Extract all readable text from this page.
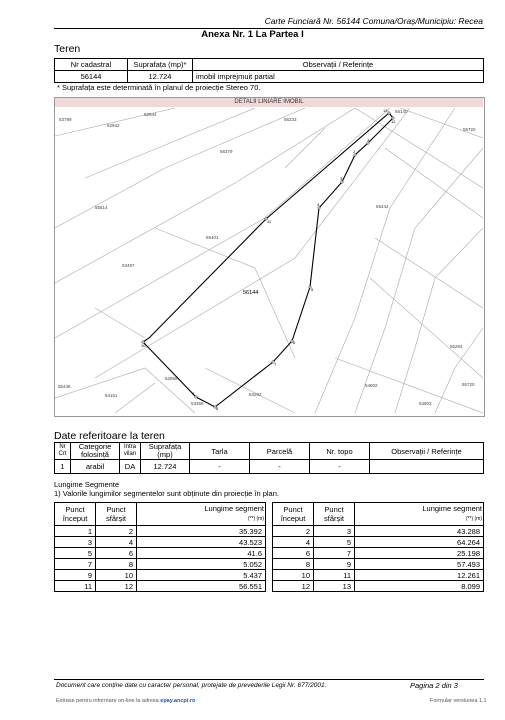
Carte Funciară Nr. 56144 Comuna/Oraș/Municipiu: Recea
Anexa Nr. 1 La Partea I
Teren
Nr cadastral	Suprafața (mp)*	Observații / Referințe
56144	12.724	imobil imprejmuit partial
* Suprafața este determinată în planul de proiecție Stereo 70.
DETALII LINIARE IMOBIL
53799
52942
52944
56140
55720
56233
56379
55514
55401
55442
53497
56294
52868
55445
54151
53356
53292
54602
54603
55720
1
2
3
4
5
6
7
8
9
10
11
12
13
56144
Date referitoare la teren
Nr Crt	Categorie folosință	Intra vilan	Suprafața (mp)	Tarla	Parcelă	Nr. topo	Observații / Referințe
1	arabil	DA	12.724	-	-	-	
Lungime Segmente
1) Valorile lungimilor segmentelor sunt obținute din proiecție în plan.
Punct început	Punct sfârșit	Lungime segment
(**) (m)
1	2	35.392
3	4	43.523
5	6	41.6
7	8	5.052
9	10	5.437
11	12	56.551
Punct început	Punct sfârșit	Lungime segment
(**) (m)
2	3	43.288
4	5	64.264
6	7	25.198
8	9	57.493
10	11	12.261
12	13	8.099
Document care conține date cu caracter personal, protejate de prevederile Legii Nr. 677/2001.	Pagina 2 din 3
Extrase pentru informare on-line la adresa epay.ancpi.ro	Formular versiunea 1.1
